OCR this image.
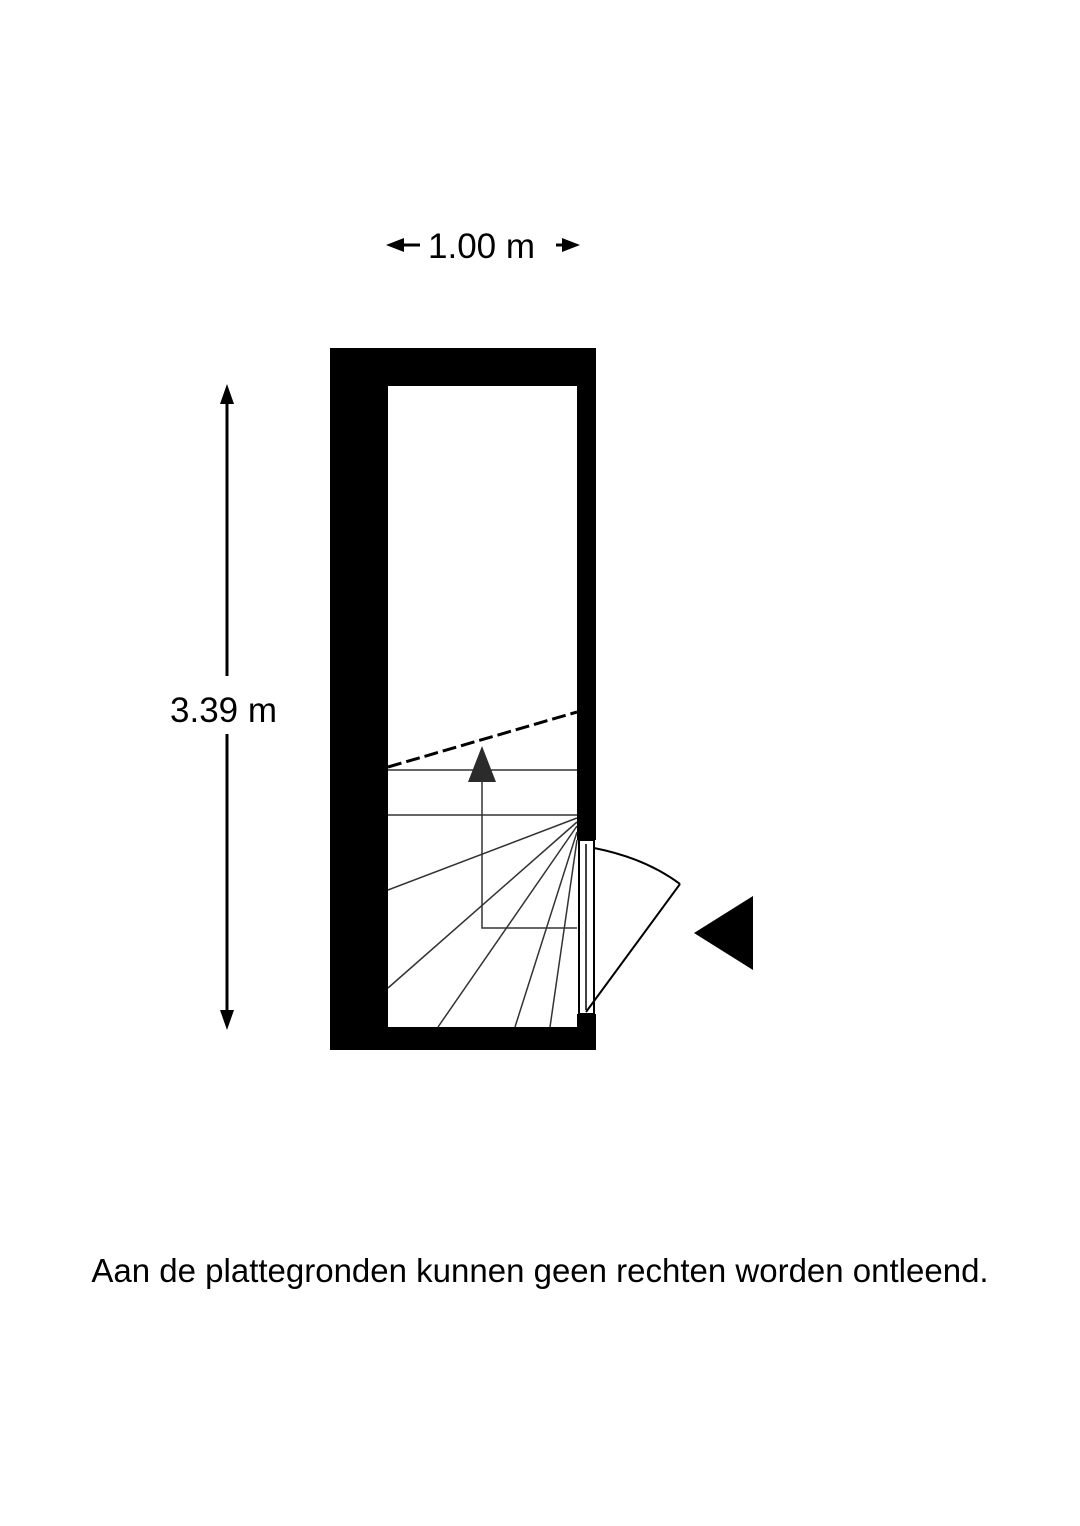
1.00 m
3.39 m
Aan de plattegronden kunnen geen rechten worden ontleend.
